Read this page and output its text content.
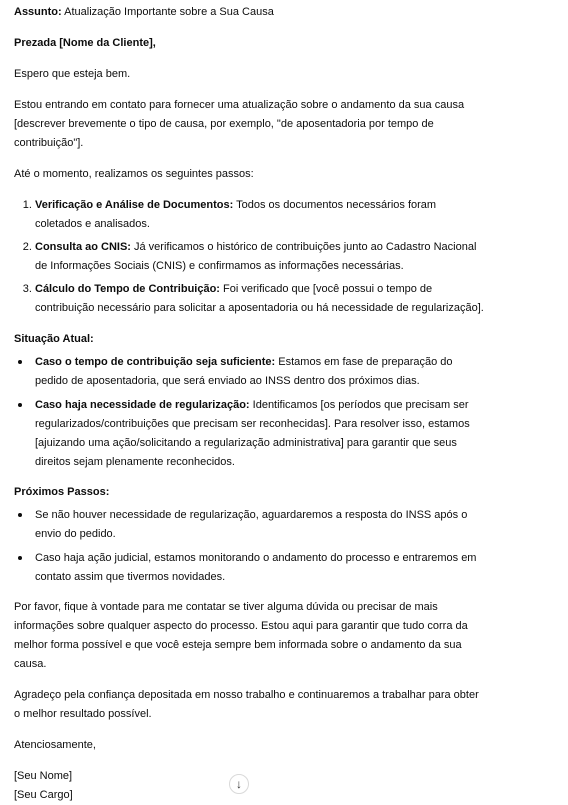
Assunto: Atualização Importante sobre a Sua Causa

Prezada [Nome da Cliente],

Espero que esteja bem.

Estou entrando em contato para fornecer uma atualização sobre o andamento da sua causa [descrever brevemente o tipo de causa, por exemplo, "de aposentadoria por tempo de contribuição"].

Até o momento, realizamos os seguintes passos:

1. Verificação e Análise de Documentos: Todos os documentos necessários foram coletados e analisados.
2. Consulta ao CNIS: Já verificamos o histórico de contribuições junto ao Cadastro Nacional de Informações Sociais (CNIS) e confirmamos as informações necessárias.
3. Cálculo do Tempo de Contribuição: Foi verificado que [você possui o tempo de contribuição necessário para solicitar a aposentadoria ou há necessidade de regularização].

Situação Atual:

Caso o tempo de contribuição seja suficiente: Estamos em fase de preparação do pedido de aposentadoria, que será enviado ao INSS dentro dos próximos dias.
Caso haja necessidade de regularização: Identificamos [os períodos que precisam ser regularizados/contribuições que precisam ser reconhecidas]. Para resolver isso, estamos [ajuizando uma ação/solicitando a regularização administrativa] para garantir que seus direitos sejam plenamente reconhecidos.

Próximos Passos:

Se não houver necessidade de regularização, aguardaremos a resposta do INSS após o envio do pedido.
Caso haja ação judicial, estamos monitorando o andamento do processo e entraremos em contato assim que tivermos novidades.

Por favor, fique à vontade para me contatar se tiver alguma dúvida ou precisar de mais informações sobre qualquer aspecto do processo. Estou aqui para garantir que tudo corra da melhor forma possível e que você esteja sempre bem informada sobre o andamento da sua causa.

Agradeço pela confiança depositada em nosso trabalho e continuaremos a trabalhar para obter o melhor resultado possível.

Atenciosamente,

[Seu Nome]
[Seu Cargo]
↓
